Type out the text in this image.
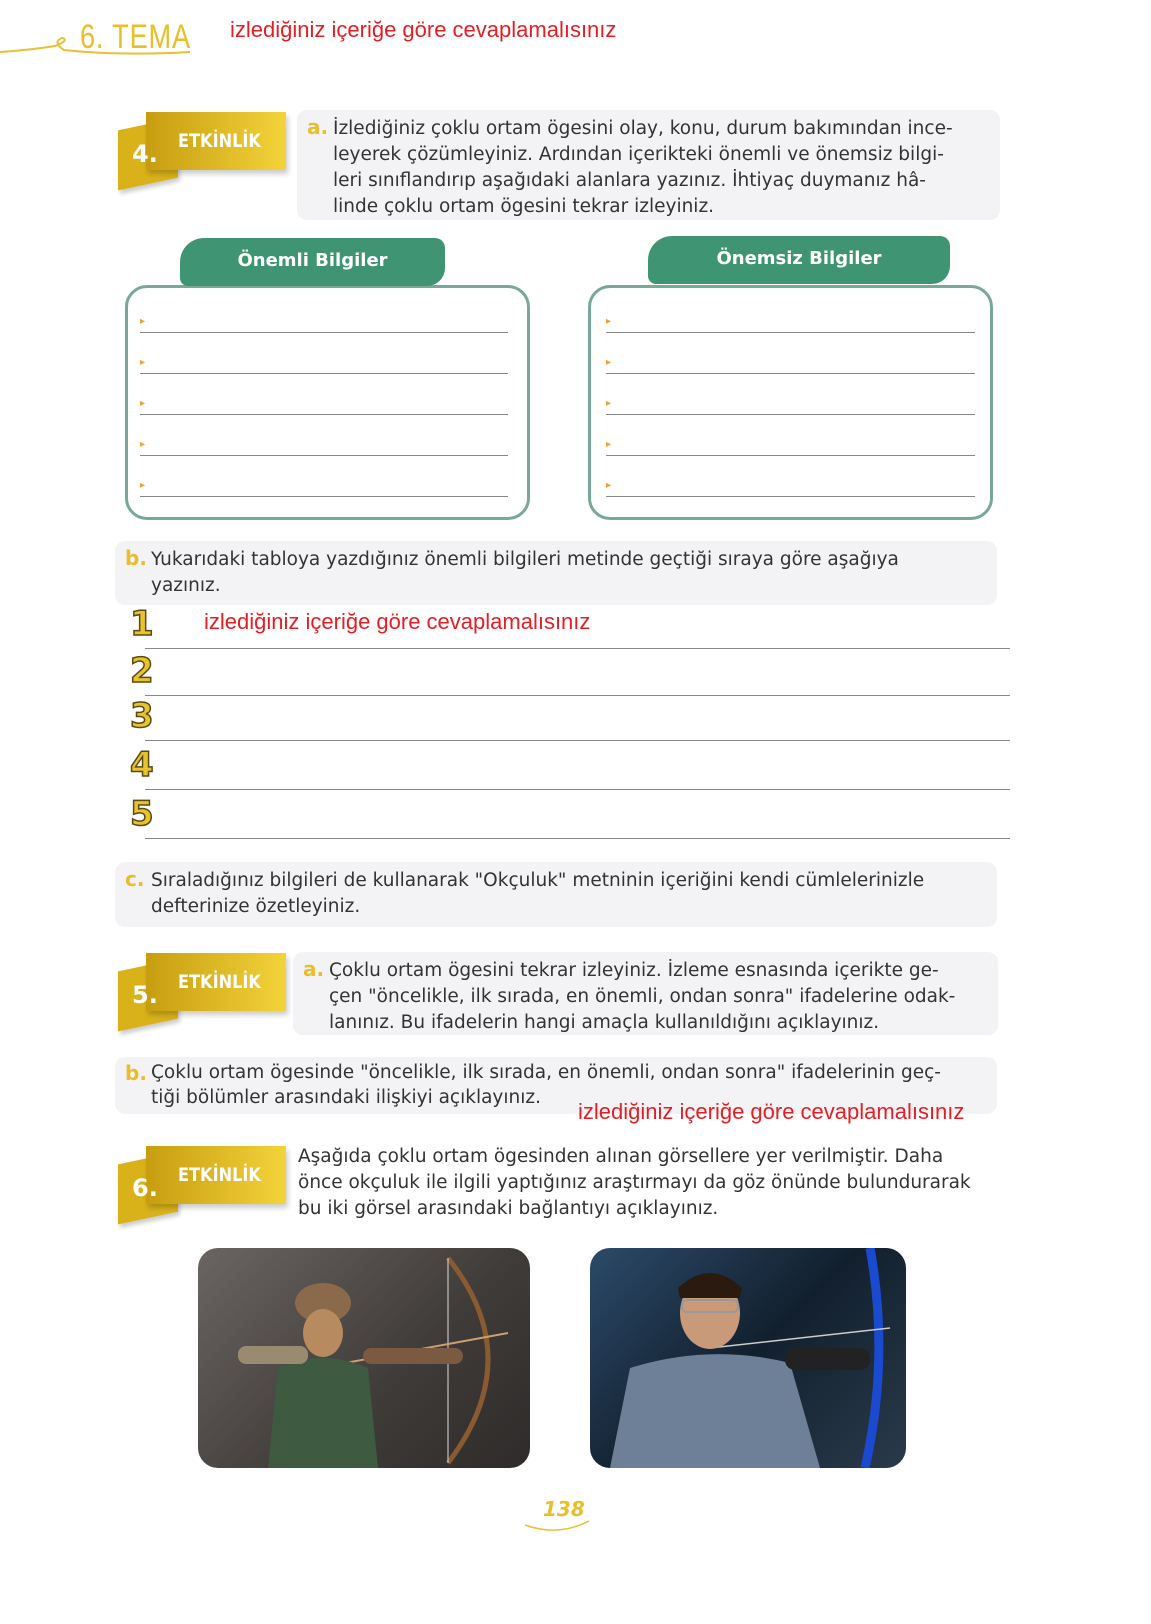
6. TEMA izlediğiniz içeriğe göre cevaplamalısınız
4. ETKİNLİK
a. İzlediğiniz çoklu ortam ögesini olay, konu, durum bakımından ince-
leyerek çözümleyiniz. Ardından içerikteki önemli ve önemsiz bilgi-
leri sınıflandırıp aşağıdaki alanlara yazınız. İhtiyaç duymanız hâ-
linde çoklu ortam ögesini tekrar izleyiniz.
Önemli Bilgiler	Önemsiz Bilgiler
▸
▸
▸
▸
▸
▸
▸
▸
▸
▸
b. Yukarıdaki tabloya yazdığınız önemli bilgileri metinde geçtiği sıraya göre aşağıya
yazınız.
izlediğiniz içeriğe göre cevaplamalısınız
1
2
3
4
5
c. Sıraladığınız bilgileri de kullanarak "Okçuluk" metninin içeriğini kendi cümlelerinizle
defterinize özetleyiniz.
5. ETKİNLİK
a. Çoklu ortam ögesini tekrar izleyiniz. İzleme esnasında içerikte ge-
çen "öncelikle, ilk sırada, en önemli, ondan sonra" ifadelerine odak-
lanınız. Bu ifadelerin hangi amaçla kullanıldığını açıklayınız.
b. Çoklu ortam ögesinde "öncelikle, ilk sırada, en önemli, ondan sonra" ifadelerinin geç-
tiği bölümler arasındaki ilişkiyi açıklayınız.
izlediğiniz içeriğe göre cevaplamalısınız
6. ETKİNLİK
Aşağıda çoklu ortam ögesinden alınan görsellere yer verilmiştir. Daha
önce okçuluk ile ilgili yaptığınız araştırmayı da göz önünde bulundurarak
bu iki görsel arasındaki bağlantıyı açıklayınız.
138
